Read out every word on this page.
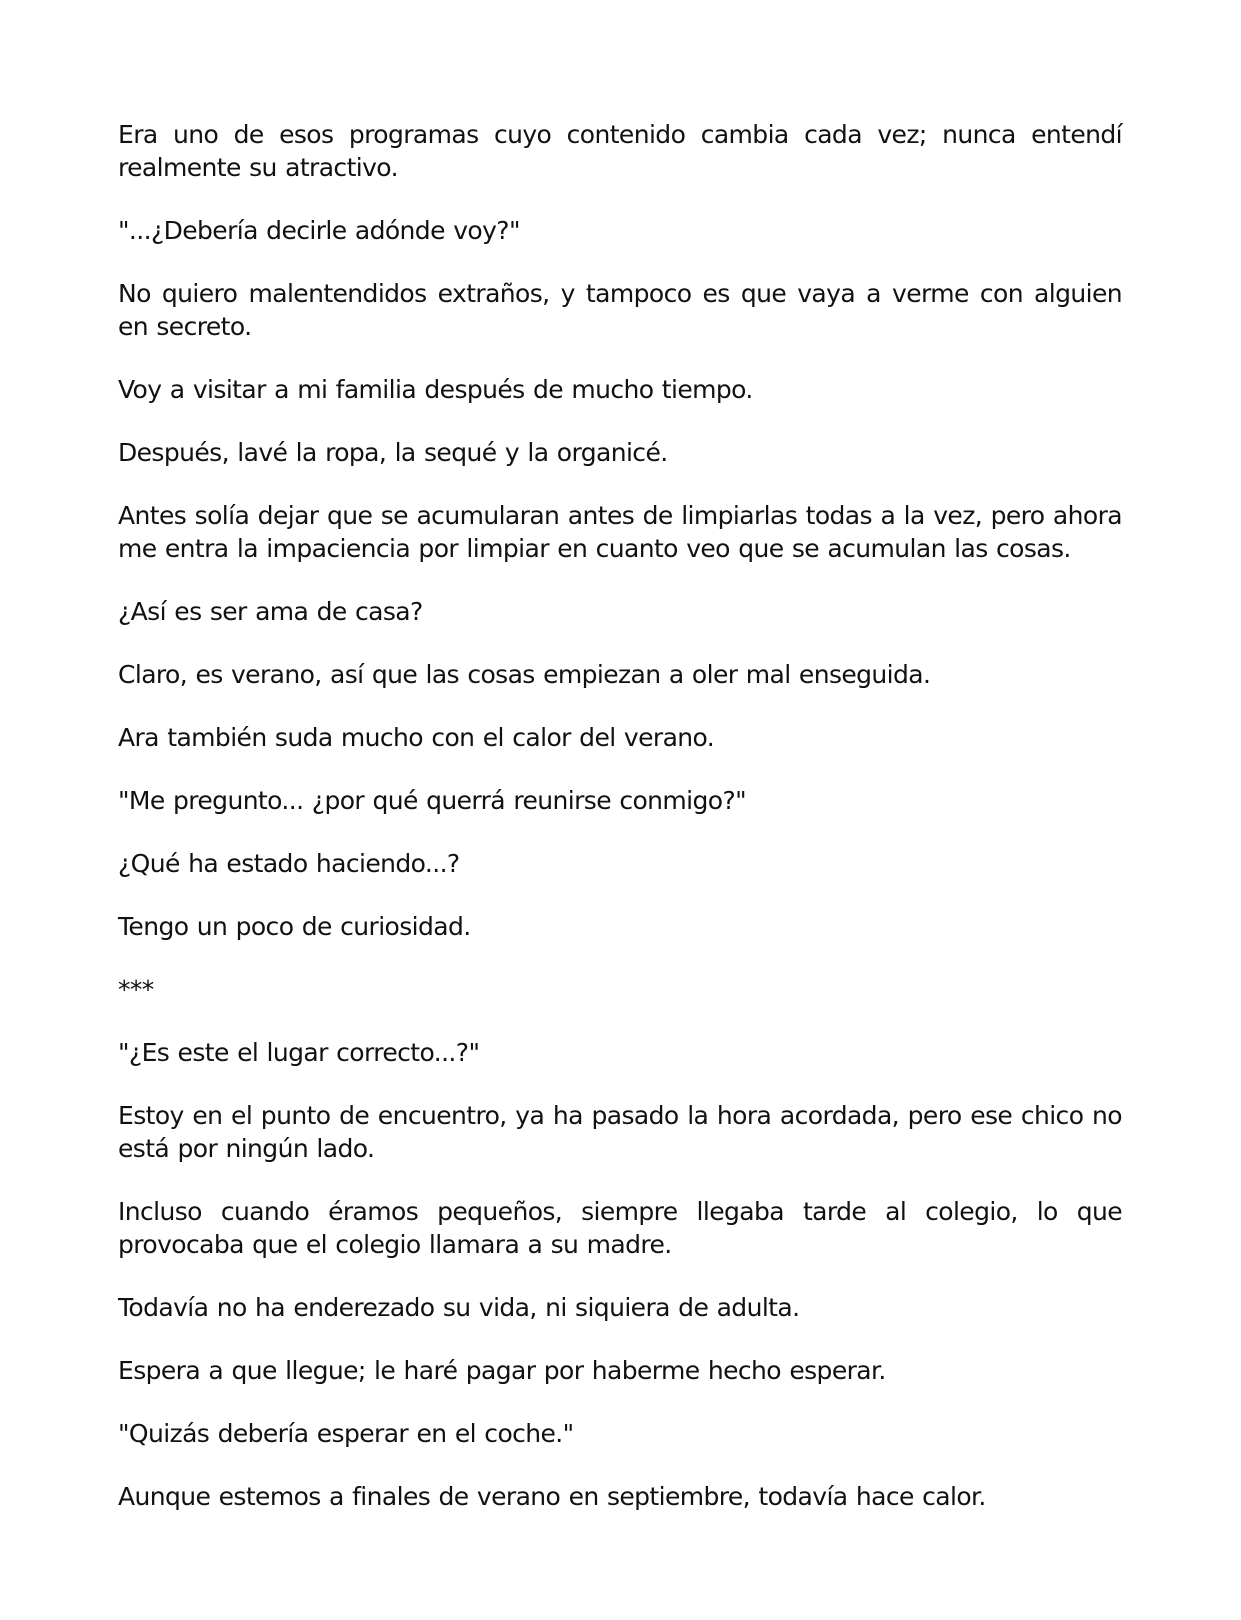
Era uno de esos programas cuyo contenido cambia cada vez; nunca entendí realmente su atractivo.

"...¿Debería decirle adónde voy?"

No quiero malentendidos extraños, y tampoco es que vaya a verme con alguien en secreto.

Voy a visitar a mi familia después de mucho tiempo.

Después, lavé la ropa, la sequé y la organicé.

Antes solía dejar que se acumularan antes de limpiarlas todas a la vez, pero ahora me entra la impaciencia por limpiar en cuanto veo que se acumulan las cosas.

¿Así es ser ama de casa?

Claro, es verano, así que las cosas empiezan a oler mal enseguida.

Ara también suda mucho con el calor del verano.

"Me pregunto... ¿por qué querrá reunirse conmigo?"

¿Qué ha estado haciendo...?

Tengo un poco de curiosidad.

***

"¿Es este el lugar correcto...?"

Estoy en el punto de encuentro, ya ha pasado la hora acordada, pero ese chico no está por ningún lado.

Incluso cuando éramos pequeños, siempre llegaba tarde al colegio, lo que provocaba que el colegio llamara a su madre.

Todavía no ha enderezado su vida, ni siquiera de adulta.

Espera a que llegue; le haré pagar por haberme hecho esperar.

"Quizás debería esperar en el coche."

Aunque estemos a finales de verano en septiembre, todavía hace calor.
